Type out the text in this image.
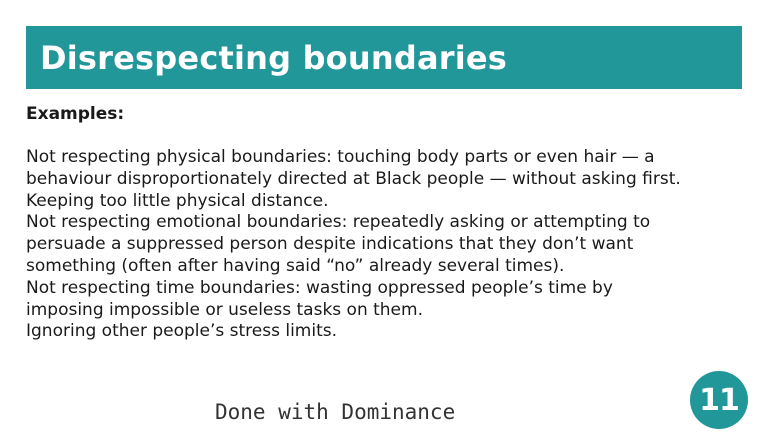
Disrespecting boundaries
Examples:
Not respecting physical boundaries: touching body parts or even hair — a
behaviour disproportionately directed at Black people — without asking first.
Keeping too little physical distance.
Not respecting emotional boundaries: repeatedly asking or attempting to
persuade a suppressed person despite indications that they don’t want
something (often after having said “no” already several times).
Not respecting time boundaries: wasting oppressed people’s time by
imposing impossible or useless tasks on them.
Ignoring other people’s stress limits.
Done with Dominance	11
